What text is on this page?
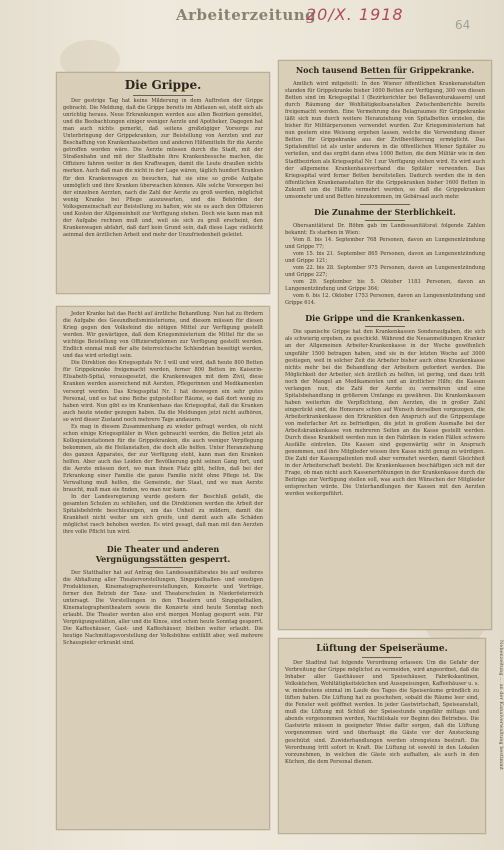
Arbeiterzeitung
20/X. 1918
64
Die Grippe.

Der gestrige Tag hat keine Milderung in dem Auftreten der Grippe gebracht. Die Meldung, daß die Grippe bereits im Abflauen sei, stellt sich als unrichtig heraus. Neue Erkrankungen werden aus allen Bezirken gemeldet, und die Beobachtungen einiger weniger Aerzte und Apotheker, Dagegen hat man auch nichts gemerkt, daß seitens großzügiger Vorsorge zur Unterbringung der Grippekranken, zur Beistellung von Aerzten und zur Beschaffung von Krankenhausbetten und anderen Hilfsmitteln für die Aerzte getroffen worden wäre. Die Aerzte müssen durch die Stadt, mit der Straßenbahn und mit der Stadtbahn ihre Krankenbesuche machen, die Offiziere fahren weiter in den Kraftwagen, damit die Leute draußen nichts merken. Auch daß man die nicht in der Lage wären, täglich hundert Kranken für den Krankenwagen zu besuchen, hat sie eine so große Aufgabe unmöglich und ihre Kranken überwachen können. Alle solche Vorsorgen bei der einzelnen Aerzten, nach die Zahl der Aerzte zu groß werden, möglichst wenig Kranke bei Pflege auszuwarten, und die Behörden der Volksgemeinschaft zur Beistellung zu halten, wie sie es auch den Offizieren und Kosten der Allgemeinheit zur Verfügung stehen. Doch wie kann man mit der Aufgabe rechnen muß und, weil sie sich zu groß erscheint, den Krankenwagen abfahrt, daß darf kein Grund sein, daß diese Lage vielleicht aeinmal den ärztlichen Arbeit und mehr der Unzufriedenheit geleitet.

Jeder Kranke hat das Recht auf ärztliche Behandlung. Nun hat zu fördern die Aufgabe des Gesundheitsministeriums, und diesem müssen für diesen Krieg gegen den Volksfeind die nötigen Mittel zur Verfügung gestellt werden. Wir gewärtigen, daß dem Kriegsministerium die Mittel für die so wichtige Beistellung von Offiziersdiplomen zur Verfügung gestellt werden. Endlich einmal muß der alte österreichische Schlendrian beseitigt werden, und das wird erledigt sein.

Die Direktion des Kriegsspitals Nr. I will und wird, daß heute 800 Betten für Grippekranke freigemacht werden, ferner 800 Betten im Kaiserin-Elisabeth-Spital, vorausgesetzt, die Krankenwagen mit dem Zivil, diese Kranken werden ausreichend mit Aerzten, Pflegerinnen und Medikamenten versorgt werden. Das Kriegsspital Nr. I hat deswegen ein sehr gutes Personal, und es hat eine Reihe gutgestellter Räume, so daß dort wenig zu haben wird. Nun gibt es im Krankenhaus das Kriegsspital, daß die Kranken auch heute wieder gezogen haben. Da die Meldungen jetzt nicht aufhören, so wird dieser Zustand noch mehrere Tage andauern.

Es mag in diesem Zusammenhang zu wieder gefragt werden, ob nicht schon einige Kriegsspitäler in Wien gebraucht werden, die Betten jetzt als Kolloquienstationen für die Grippekranken, die auch weniger Verpflegung bekommen, als die Heilanstalten, die doch alle helfen. Unter Heranziehung des ganzen Apparates, der zur Verfügung steht, kann man den Kranken helfen. Aber auch das Leiden der Bevölkerung geht seinen Gang fort, und die Aerzte müssen dort, wo man ihnen Platz gibt, helfen, daß bei der Erkrankung einer Familie die ganze Familie nicht ohne Pflege ist. Die Verwaltung muß helfen, die Gemeinde, der Staat, und wo man Aerzte braucht, muß man sie finden, wo man nur kann.

In der Landesregierung wurde gestern der Beschluß gefaßt, die gesamten Schulen zu schließen, und die Direktionen werden die Arbeit der Spitalsbehörde beschleunigen, um das Unheil zu mildern, damit die Krankheit nicht weiter um sich greife, und damit auch alle Schäden möglichst rasch behoben werden. Es wird gesagt, daß man mit den Aerzten ihre volle Pflicht tun wird.

Die Theater und anderen Vergnügungsstätten gesperrt.

Der Statthalter hat auf Antrag des Landessanitätsrates bis auf weiteres die Abhaltung aller Theatervorstellungen, Singspielhallen- und sonstigen Produktionen, Kinematographenvorstellungen, Konzerte und Vorträge, ferner den Betrieb der Tanz- und Theaterschulen in Niederösterreich untersagt. Die Vorstellungen in den Theatern und Singspielhallen, Kinematographentheatern sowie die Konzerte sind heute Sonntag noch erlaubt. Die Theater werden also erst morgen Montag gesperrt sein. Für Vergnügungsstätten, aller und die Kinos, sind schon heute Sonntag gesperrt. Die Kaffeehäuser, Gast- und Kaffeehäuser, bleiben weiter erlaubt. Die heutige Nachmittagsvorstellung der Volksbühne entfällt aber, weil mehrere Schauspieler erkrankt sind.

Noch tausend Betten für Grippekranke.

Amtlich wird mitgeteilt: In den Wiener öffentlichen Krankenanstalten standen für Grippekranke bisher 1600 Betten zur Verfügung, 300 von diesen Betten sind im Kriegsspital I (Bezirksrichter bei Bellaventurakasern) und durch Räumung der Wohltätigkeitsanstalten Zwischenberichte bereits freigemacht worden. Eine Vermehrung des Belagraumes für Grippekranke läßt sich nun durch weitere Heranziehung von Spitalbetten erzielen, die bisher für Militärpersonen verwendet wurden. Zur Kriegsministerium hat nun gestern eine Weisung ergehen lassen, welche die Verwendung dieser Betten für Grippekranke aus der Zivilbevölkerung ermöglicht. Das Spitalsmittel ist als unter anderem in die öffentlichen Wiener Spitäler zu verteilen, und das ergibt dann etwa 1000 Betten, die dem Militär wie in den Stadtbezirken als Kriegsspital Nr. I zur Verfügung stehen wird. Es wird auch der allgemeine Krankenhausverband die Spitäler verwenden. Das Kriegsspital wird ferner Betten bereitstellen. Dadurch werden die in den öffentlichen Krankenanstalten für die Grippekranken bisher 1600 Betten in Zukunft um die Hälfte vermehrt werden, so daß die Grippekranken umsomehr und und Betten hinzukommen, im Gebärsaal auch mehr.

Die Zunahme der Sterblichkeit.

Obersanitätsrat Dr. Böhm gab im Landessanitätsrat folgende Zahlen bekannt: Es starben in Wien:

Vom 8. bis 14. September 768 Personen, davon an Lungenentzündung und Grippe 77;

vom 15. bis 21. September 865 Personen, davon an Lungenentzündung und Grippe 121;

vom 22. bis 28. September 975 Personen, davon an Lungenentzündung und Grippe 227;

vom 29. September bis 5. Oktober 1183 Personen, davon an Lungenentzündung und Grippe 364;

vom 6. bis 12. Oktober 1753 Personen, davon an Lungenentzündung und Grippe 614.

Die Grippe und die Krankenkassen.

Die spanische Grippe hat den Krankenkassen Sonderaufgaben, die sich als schwierig ergeben, zu geschickt. Während die Neuanmeldungen Kranker an der Allgemeinen Arbeiter-Krankenkasse in der Woche gewöhnlich ungefähr 1500 betragen haben, sind sie in der letzten Woche auf 3000 gestiegen, weil in solcher Zeit die Arbeiter bisher auch ohne Krankenkasse nichts mehr bei die Behandlung der Arbeitern gefordert werden. Die Möglichkeit der Arbeiter, sich ärztlich zu helfen, ist gering, und dazu tritt noch der Mangel an Medikamenten und an ärztlicher Hilfe; die Kassen verlangen nun, die Zahl der Aerzte zu vermehren und eine Spitalsbehandlung in größerem Umfange zu gewähren. Die Krankenkassen haben weiterhin die Verpflichtung, den Aerzten, die in großer Zahl eingerückt sind, die Honorare schon auf Wunsch derselben vorgezogen, die Arbeiterkrankenkasse den Erkrankten den Anspruch auf die Grippezulage von mehrfacher Art zu befriedigen, die jetzt in großem Ausmaße bei der Arbeitskrankenkasse von mehreren Seiten an die Kasse gestellt werden. Durch diese Krankheit werden nun in den Fabriken in vielen Fällen schwere Ausfälle eintreten. Die Kassen sind gegenwärtig sehr in Anspruch genommen, und ihre Mitglieder wissen ihre Kasse nicht genug zu würdigen. Die Zahl der Kassenpatienten muß aber vermehrt werden, damit Gleichheit in der Arbeiterschaft besteht. Die Krankenkassen beschäftigen sich mit der Frage, ob man nicht auch Kassenerhöhungen in der Krankenkasse durch die Beiträge zur Verfügung stellen soll, was auch den Wünschen der Mitglieder entsprechen würde. Die Unterhandlungen der Kassen mit den Aerzten werden weitergeführt.

Lüftung der Speiseräume.

Der Stadtrat hat folgende Verordnung erlassen: Um die Gefahr der Verbreitung der Grippe möglichst zu vermeiden, wird angeordnet, daß die Inhaber aller Gasthäuser und Speisehäuser, Fabrikskantinen, Volksküchen, Wohltätigkeitsküchen und Ausspeisungen, Kaffeehäuser u. s. w. mindestens einmal im Laufe des Tages die Speiseräume gründlich zu lüften haben. Die Lüftung hat zu geschehen, sobald die Räume leer sind, die Fenster weit geöffnet werden. In jeder Gastwirtschaft, Speiseanstalt, muß die Lüftung mit Schluß der Speisestunde ungefähr mittags und abends vorgenommen werden, Nachtlokale vor Beginn des Betriebes. Die Gastwirte müssen in geeigneter Weise dafür sorgen, daß die Lüftung vorgenommen wird und überhaupt die Gäste vor der Ansteckung geschützt sind. Zuwiderhandlungen werden strengstens bestraft. Die Verordnung tritt sofort in Kraft. Die Lüftung ist sowohl in den Lokalen vorzunehmen, in welchen die Gäste sich aufhalten, als auch in den Küchen, die dem Personal dienen.	Nebenzeitung ... an der Kanalverwaltung bestimmt
